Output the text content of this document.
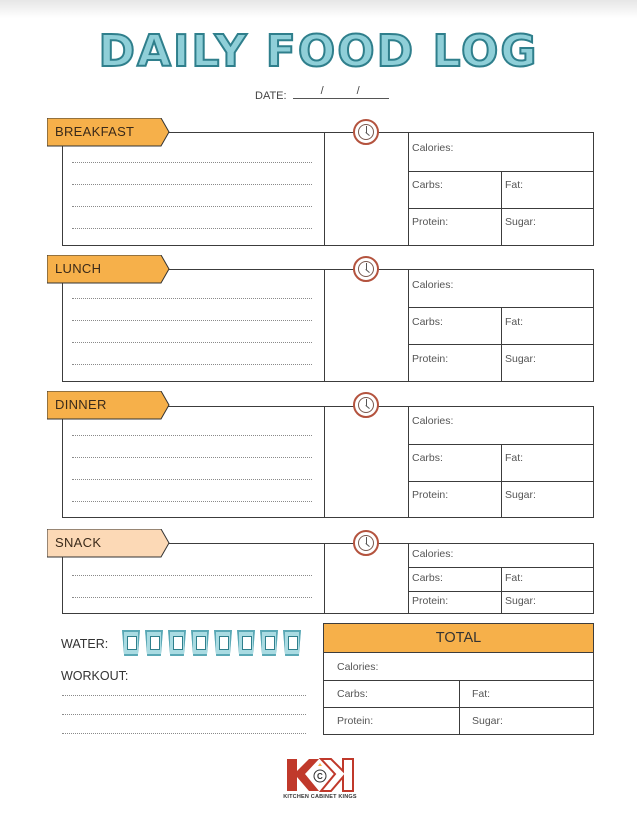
DAILY FOOD LOG
DATE:	/	/
BREAKFAST
Calories:
Carbs:	Fat:
Protein:	Sugar:
LUNCH
Calories:
Carbs:	Fat:
Protein:	Sugar:
DINNER
Calories:
Carbs:	Fat:
Protein:	Sugar:
SNACK
Calories:
Carbs:	Fat:
Protein:	Sugar:
WATER:
WORKOUT:
TOTAL
Calories:
Carbs:	Fat:
Protein:	Sugar:
C
KITCHEN CABINET KINGS
